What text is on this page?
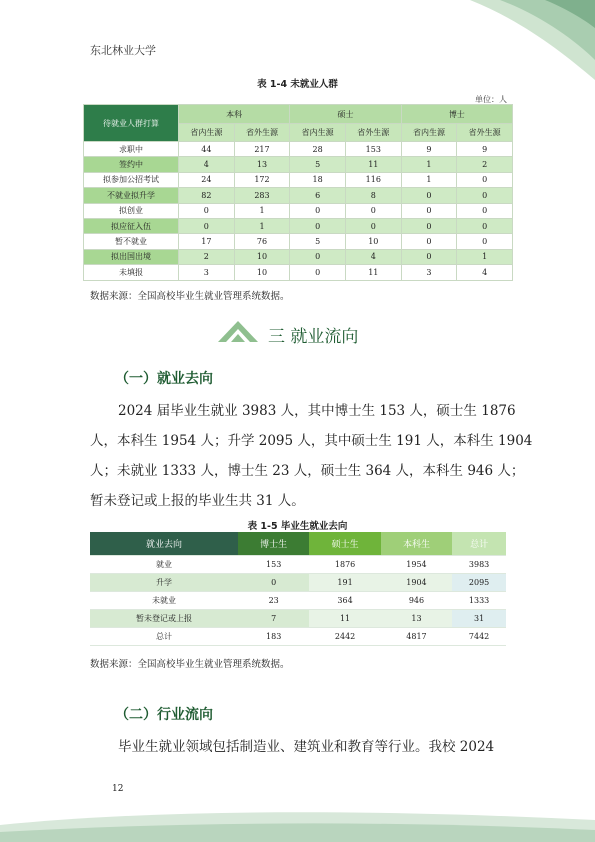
东北林业大学
表 1-4 未就业人群
单位：人
待就业人群打算	本科		硕士		博士	
	省内生源	省外生源	省内生源	省外生源	省内生源	省外生源
求职中	44	217	28	153	9	9
签约中	4	13	5	11	1	2
拟参加公招考试	24	172	18	116	1	0
不就业拟升学	82	283	6	8	0	0
拟创业	0	1	0	0	0	0
拟应征入伍	0	1	0	0	0	0
暂不就业	17	76	5	10	0	0
拟出国出境	2	10	0	4	0	1
未填报	3	10	0	11	3	4
数据来源：全国高校毕业生就业管理系统数据。
三 就业流向
（一）就业去向
2024 届毕业生就业 3983 人，其中博士生 153 人，硕士生 1876
人，本科生 1954 人；升学 2095 人，其中硕士生 191 人，本科生 1904
人；未就业 1333 人，博士生 23 人，硕士生 364 人，本科生 946 人；
暂未登记或上报的毕业生共 31 人。
表 1-5 毕业生就业去向
就业去向	博士生	硕士生	本科生	总计
就业	153	1876	1954	3983
升学	0	191	1904	2095
未就业	23	364	946	1333
暂未登记或上报	7	11	13	31
总计	183	2442	4817	7442
数据来源：全国高校毕业生就业管理系统数据。
（二）行业流向
毕业生就业领域包括制造业、建筑业和教育等行业。我校 2024
12
